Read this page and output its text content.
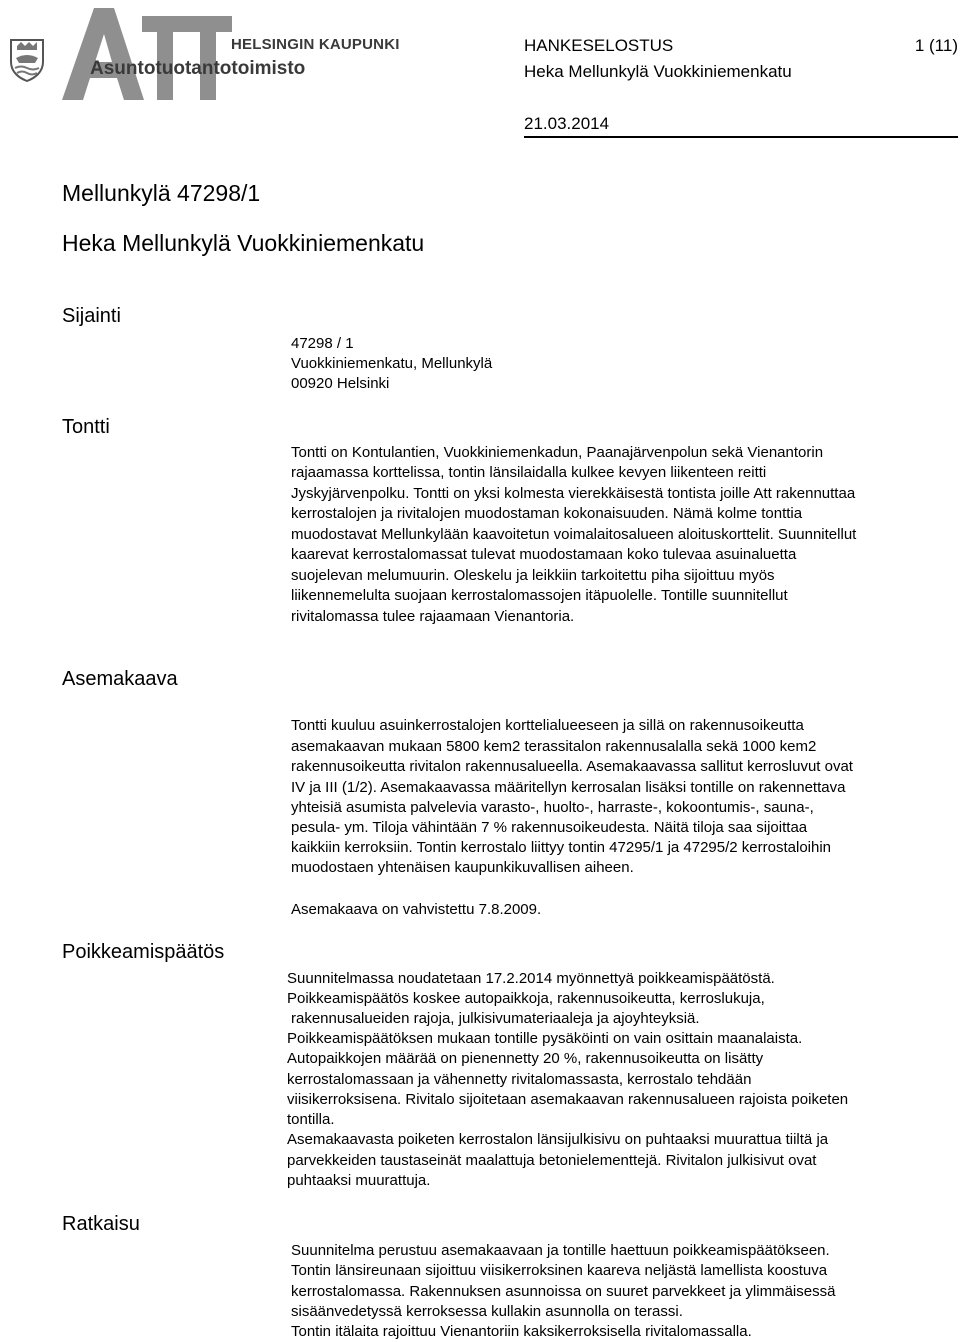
HELSINGIN KAUPUNKI
Asuntotuotantotoimisto
HANKESELOSTUS	1 (11)
Heka Mellunkylä Vuokkiniemenkatu
21.03.2014
Mellunkylä 47298/1
Heka Mellunkylä Vuokkiniemenkatu
Sijainti
47298 / 1
Vuokkiniemenkatu, Mellunkylä
00920 Helsinki
Tontti
Tontti on Kontulantien, Vuokkiniemenkadun, Paanajärvenpolun sekä Vienantorin
rajaamassa korttelissa, tontin länsilaidalla kulkee kevyen liikenteen reitti
Jyskyjärvenpolku. Tontti on yksi kolmesta vierekkäisestä tontista joille Att rakennuttaa
kerrostalojen ja rivitalojen muodostaman kokonaisuuden. Nämä kolme tonttia
muodostavat Mellunkylään kaavoitetun voimalaitosalueen aloituskorttelit. Suunnitellut
kaarevat kerrostalomassat tulevat muodostamaan koko tulevaa asuinaluetta
suojelevan melumuurin. Oleskelu ja leikkiin tarkoitettu piha sijoittuu myös
liikennemelulta suojaan kerrostalomassojen itäpuolelle. Tontille suunnitellut
rivitalomassa tulee rajaamaan Vienantoria.
Asemakaava
Tontti kuuluu asuinkerrostalojen korttelialueeseen ja sillä on rakennusoikeutta
asemakaavan mukaan 5800 kem2 terassitalon rakennusalalla sekä 1000 kem2
rakennusoikeutta rivitalon rakennusalueella. Asemakaavassa sallitut kerrosluvut ovat
IV ja III (1/2). Asemakaavassa määritellyn kerrosalan lisäksi tontille on rakennettava
yhteisiä asumista palvelevia varasto-, huolto-, harraste-, kokoontumis-, sauna-,
pesula- ym. Tiloja vähintään 7 % rakennusoikeudesta. Näitä tiloja saa sijoittaa
kaikkiin kerroksiin. Tontin kerrostalo liittyy tontin 47295/1 ja 47295/2 kerrostaloihin
muodostaen yhtenäisen kaupunkikuvallisen aiheen.
Asemakaava on vahvistettu 7.8.2009.
Poikkeamispäätös
Suunnitelmassa noudatetaan 17.2.2014 myönnettyä poikkeamispäätöstä.
Poikkeamispäätös koskee autopaikkoja, rakennusoikeutta, kerroslukuja,
rakennusalueiden rajoja, julkisivumateriaaleja ja ajoyhteyksiä.
Poikkeamispäätöksen mukaan tontille pysäköinti on vain osittain maanalaista.
Autopaikkojen määrää on pienennetty 20 %, rakennusoikeutta on lisätty
kerrostalomassaan ja vähennetty rivitalomassasta, kerrostalo tehdään
viisikerroksisena. Rivitalo sijoitetaan asemakaavan rakennusalueen rajoista poiketen
tontilla.
Asemakaavasta poiketen kerrostalon länsijulkisivu on puhtaaksi muurattua tiiltä ja
parvekkeiden taustaseinät maalattuja betonielementtejä. Rivitalon julkisivut ovat
puhtaaksi muurattuja.
Ratkaisu
Suunnitelma perustuu asemakaavaan ja tontille haettuun poikkeamispäätökseen.
Tontin länsireunaan sijoittuu viisikerroksinen kaareva neljästä lamellista koostuva
kerrostalomassa. Rakennuksen asunnoissa on suuret parvekkeet ja ylimmäisessä
sisäänvedetyssä kerroksessa kullakin asunnolla on terassi.
Tontin itälaita rajoittuu Vienantoriin kaksikerroksisella rivitalomassalla.
